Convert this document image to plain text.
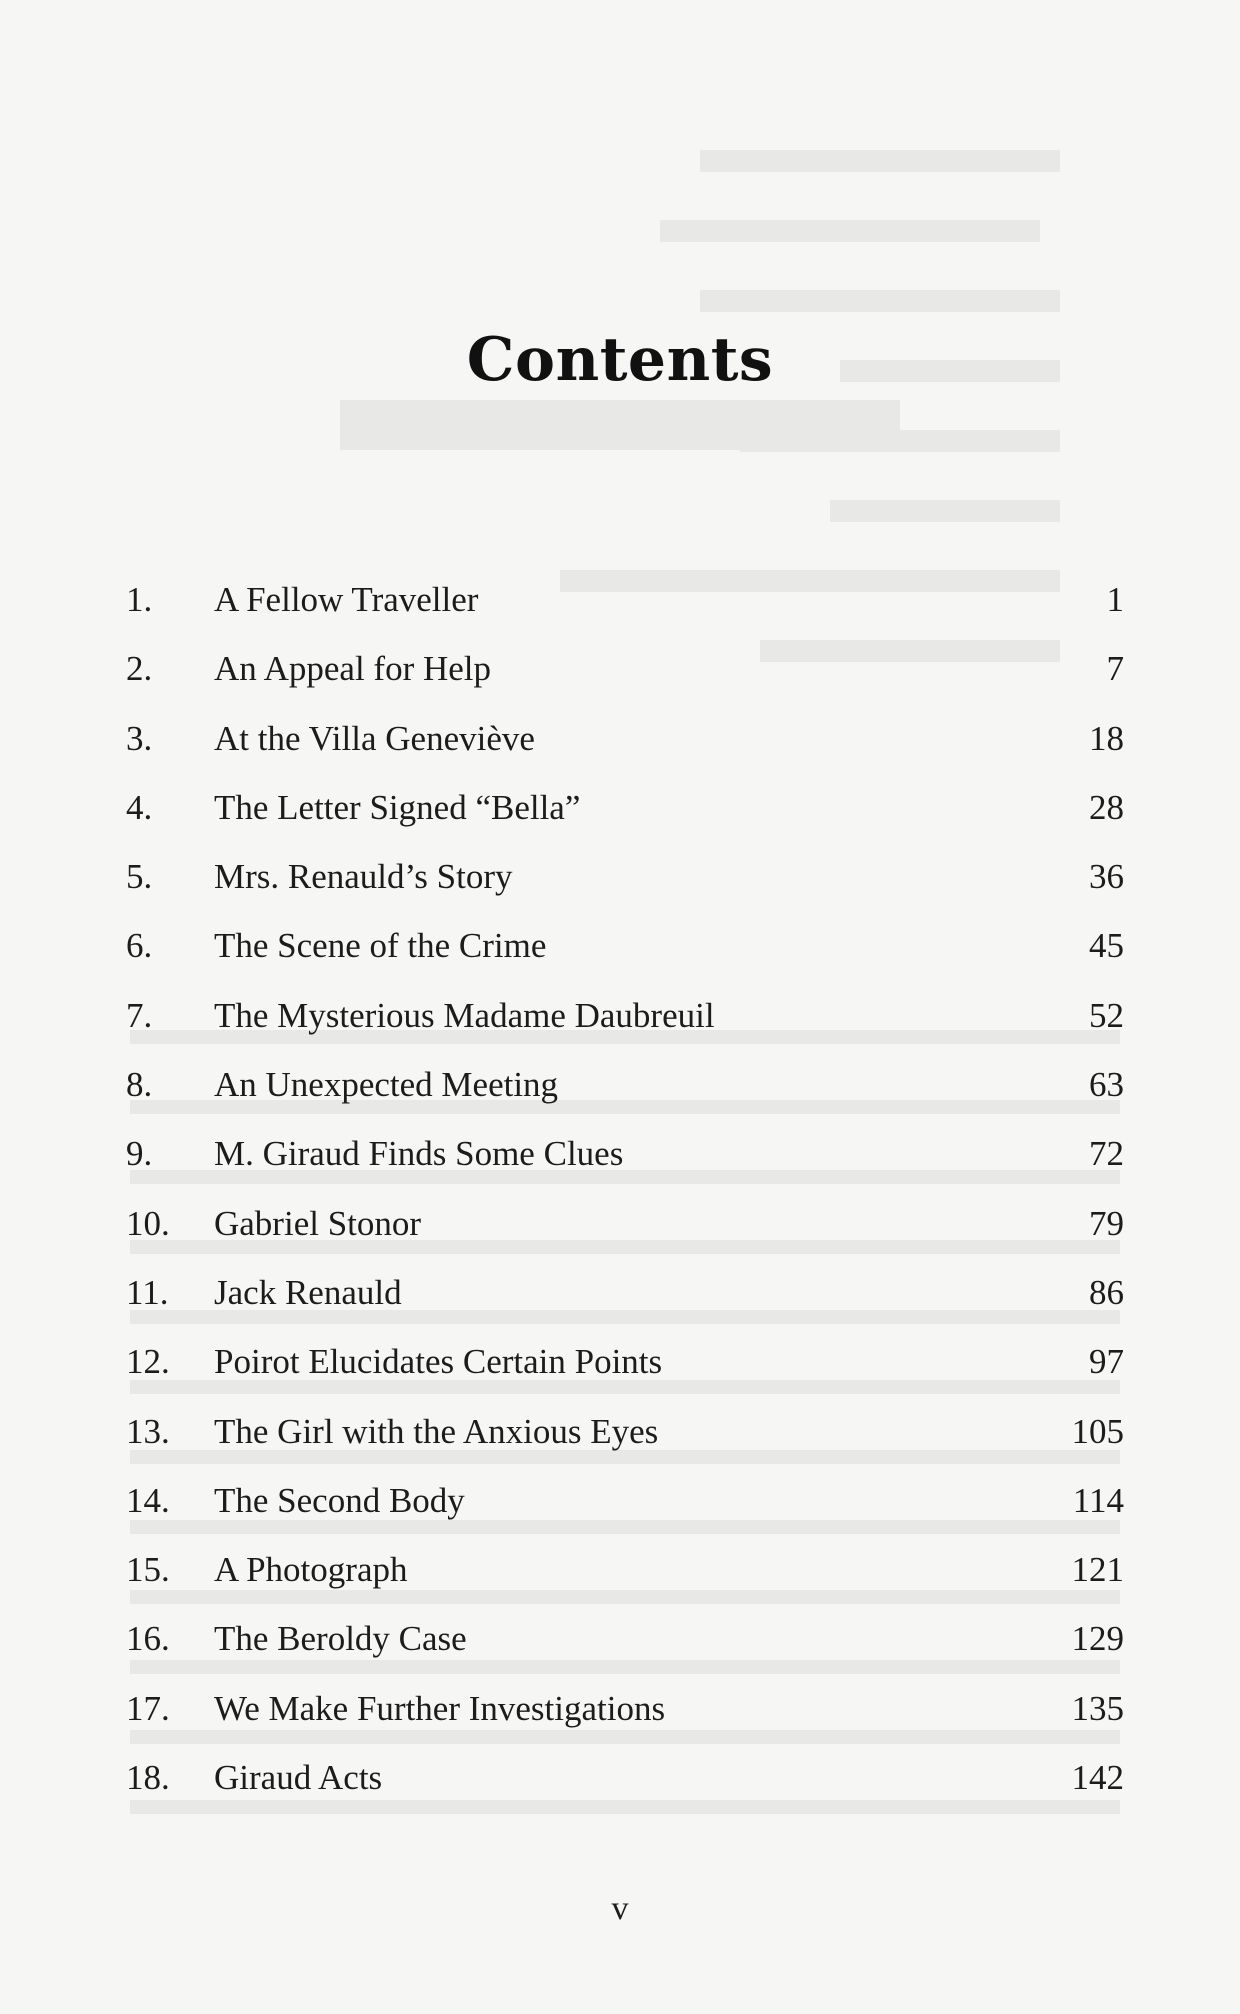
Contents
1. A Fellow Traveller	1
2. An Appeal for Help	7
3. At the Villa Geneviève	18
4. The Letter Signed “Bella”	28
5. Mrs. Renauld’s Story	36
6. The Scene of the Crime	45
7. The Mysterious Madame Daubreuil	52
8. An Unexpected Meeting	63
9. M. Giraud Finds Some Clues	72
10. Gabriel Stonor	79
11. Jack Renauld	86
12. Poirot Elucidates Certain Points	97
13. The Girl with the Anxious Eyes	105
14. The Second Body	114
15. A Photograph	121
16. The Beroldy Case	129
17. We Make Further Investigations	135
18. Giraud Acts	142
v
